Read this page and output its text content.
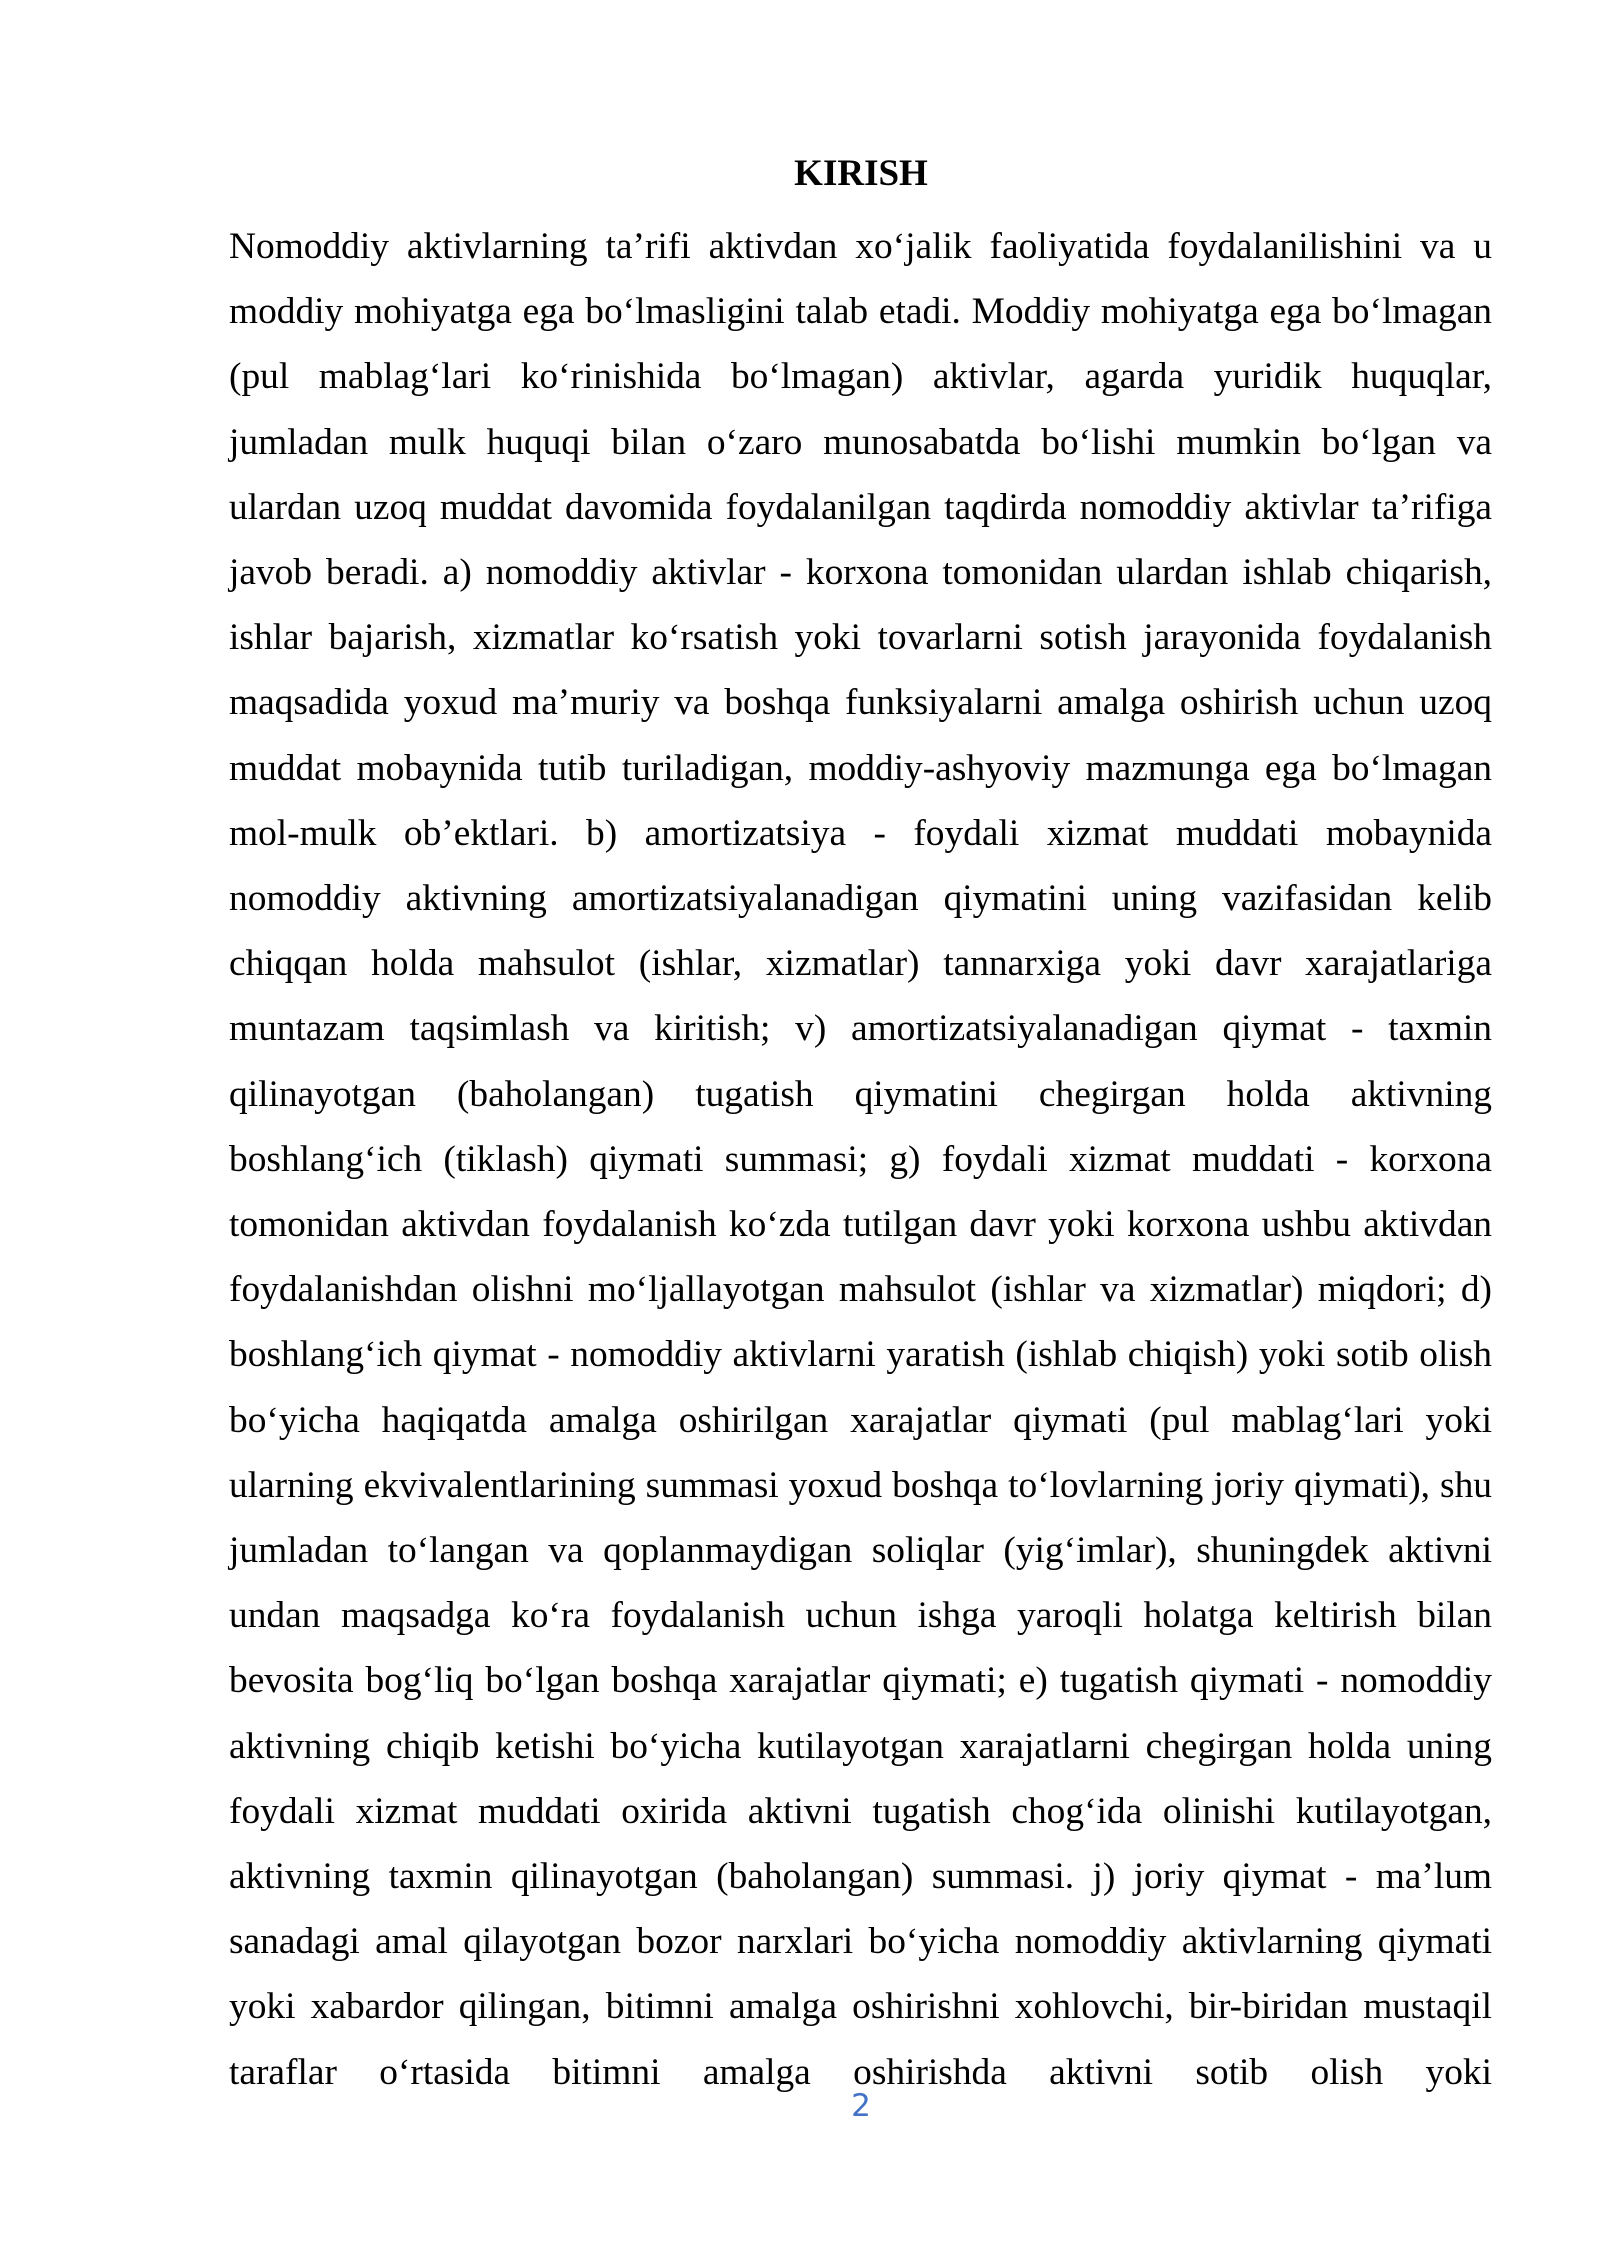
KIRISH

Nomoddiy aktivlarning ta’rifi aktivdan xo‘jalik faoliyatida foydalanilishini va u moddiy mohiyatga ega bo‘lmasligini talab etadi. Moddiy mohiyatga ega bo‘lmagan (pul mablag‘lari ko‘rinishida bo‘lmagan) aktivlar, agarda yuridik huquqlar, jumladan mulk huquqi bilan o‘zaro munosabatda bo‘lishi mumkin bo‘lgan va ulardan uzoq muddat davomida foydalanilgan taqdirda nomoddiy aktivlar ta’rifiga javob beradi. a) nomoddiy aktivlar - korxona tomonidan ulardan ishlab chiqarish, ishlar bajarish, xizmatlar ko‘rsatish yoki tovarlarni sotish jarayonida foydalanish maqsadida yoxud ma’muriy va boshqa funksiyalarni amalga oshirish uchun uzoq muddat mobaynida tutib turiladigan, moddiy-ashyoviy mazmunga ega bo‘lmagan mol-mulk ob’ektlari. b) amortizatsiya - foydali xizmat muddati mobaynida nomoddiy aktivning amortizatsiyalanadigan qiymatini uning vazifasidan kelib chiqqan holda mahsulot (ishlar, xizmatlar) tannarxiga yoki davr xarajatlariga muntazam taqsimlash va kiritish; v) amortizatsiyalanadigan qiymat - taxmin qilinayotgan (baholangan) tugatish qiymatini chegirgan holda aktivning boshlang‘ich (tiklash) qiymati summasi; g) foydali xizmat muddati - korxona tomonidan aktivdan foydalanish ko‘zda tutilgan davr yoki korxona ushbu aktivdan foydalanishdan olishni mo‘ljallayotgan mahsulot (ishlar va xizmatlar) miqdori; d) boshlang‘ich qiymat - nomoddiy aktivlarni yaratish (ishlab chiqish) yoki sotib olish bo‘yicha haqiqatda amalga oshirilgan xarajatlar qiymati (pul mablag‘lari yoki ularning ekvivalentlarining summasi yoxud boshqa to‘lovlarning joriy qiymati), shu jumladan to‘langan va qoplanmaydigan soliqlar (yig‘imlar), shuningdek aktivni undan maqsadga ko‘ra foydalanish uchun ishga yaroqli holatga keltirish bilan bevosita bog‘liq bo‘lgan boshqa xarajatlar qiymati; e) tugatish qiymati - nomoddiy aktivning chiqib ketishi bo‘yicha kutilayotgan xarajatlarni chegirgan holda uning foydali xizmat muddati oxirida aktivni tugatish chog‘ida olinishi kutilayotgan, aktivning taxmin qilinayotgan (baholangan) summasi. j) joriy qiymat - ma’lum sanadagi amal qilayotgan bozor narxlari bo‘yicha nomoddiy aktivlarning qiymati yoki xabardor qilingan, bitimni amalga oshirishni xohlovchi, bir-biridan mustaqil taraflar o‘rtasida bitimni amalga oshirishda aktivni sotib olish yoki

2
